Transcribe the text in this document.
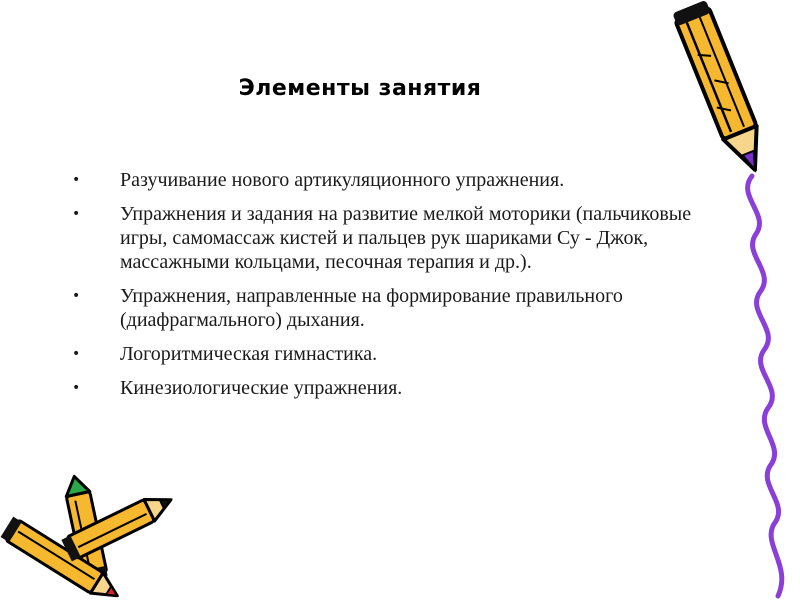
Элементы занятия
•	Разучивание нового артикуляционного упражнения.
•	Упражнения и задания на развитие мелкой моторики (пальчиковые игры, самомассаж кистей и пальцев рук шариками Су - Джок, массажными кольцами, песочная терапия и др.).
•	Упражнения, направленные на формирование правильного (диафрагмального) дыхания.
•	Логоритмическая гимнастика.
•	Кинезиологические упражнения.
